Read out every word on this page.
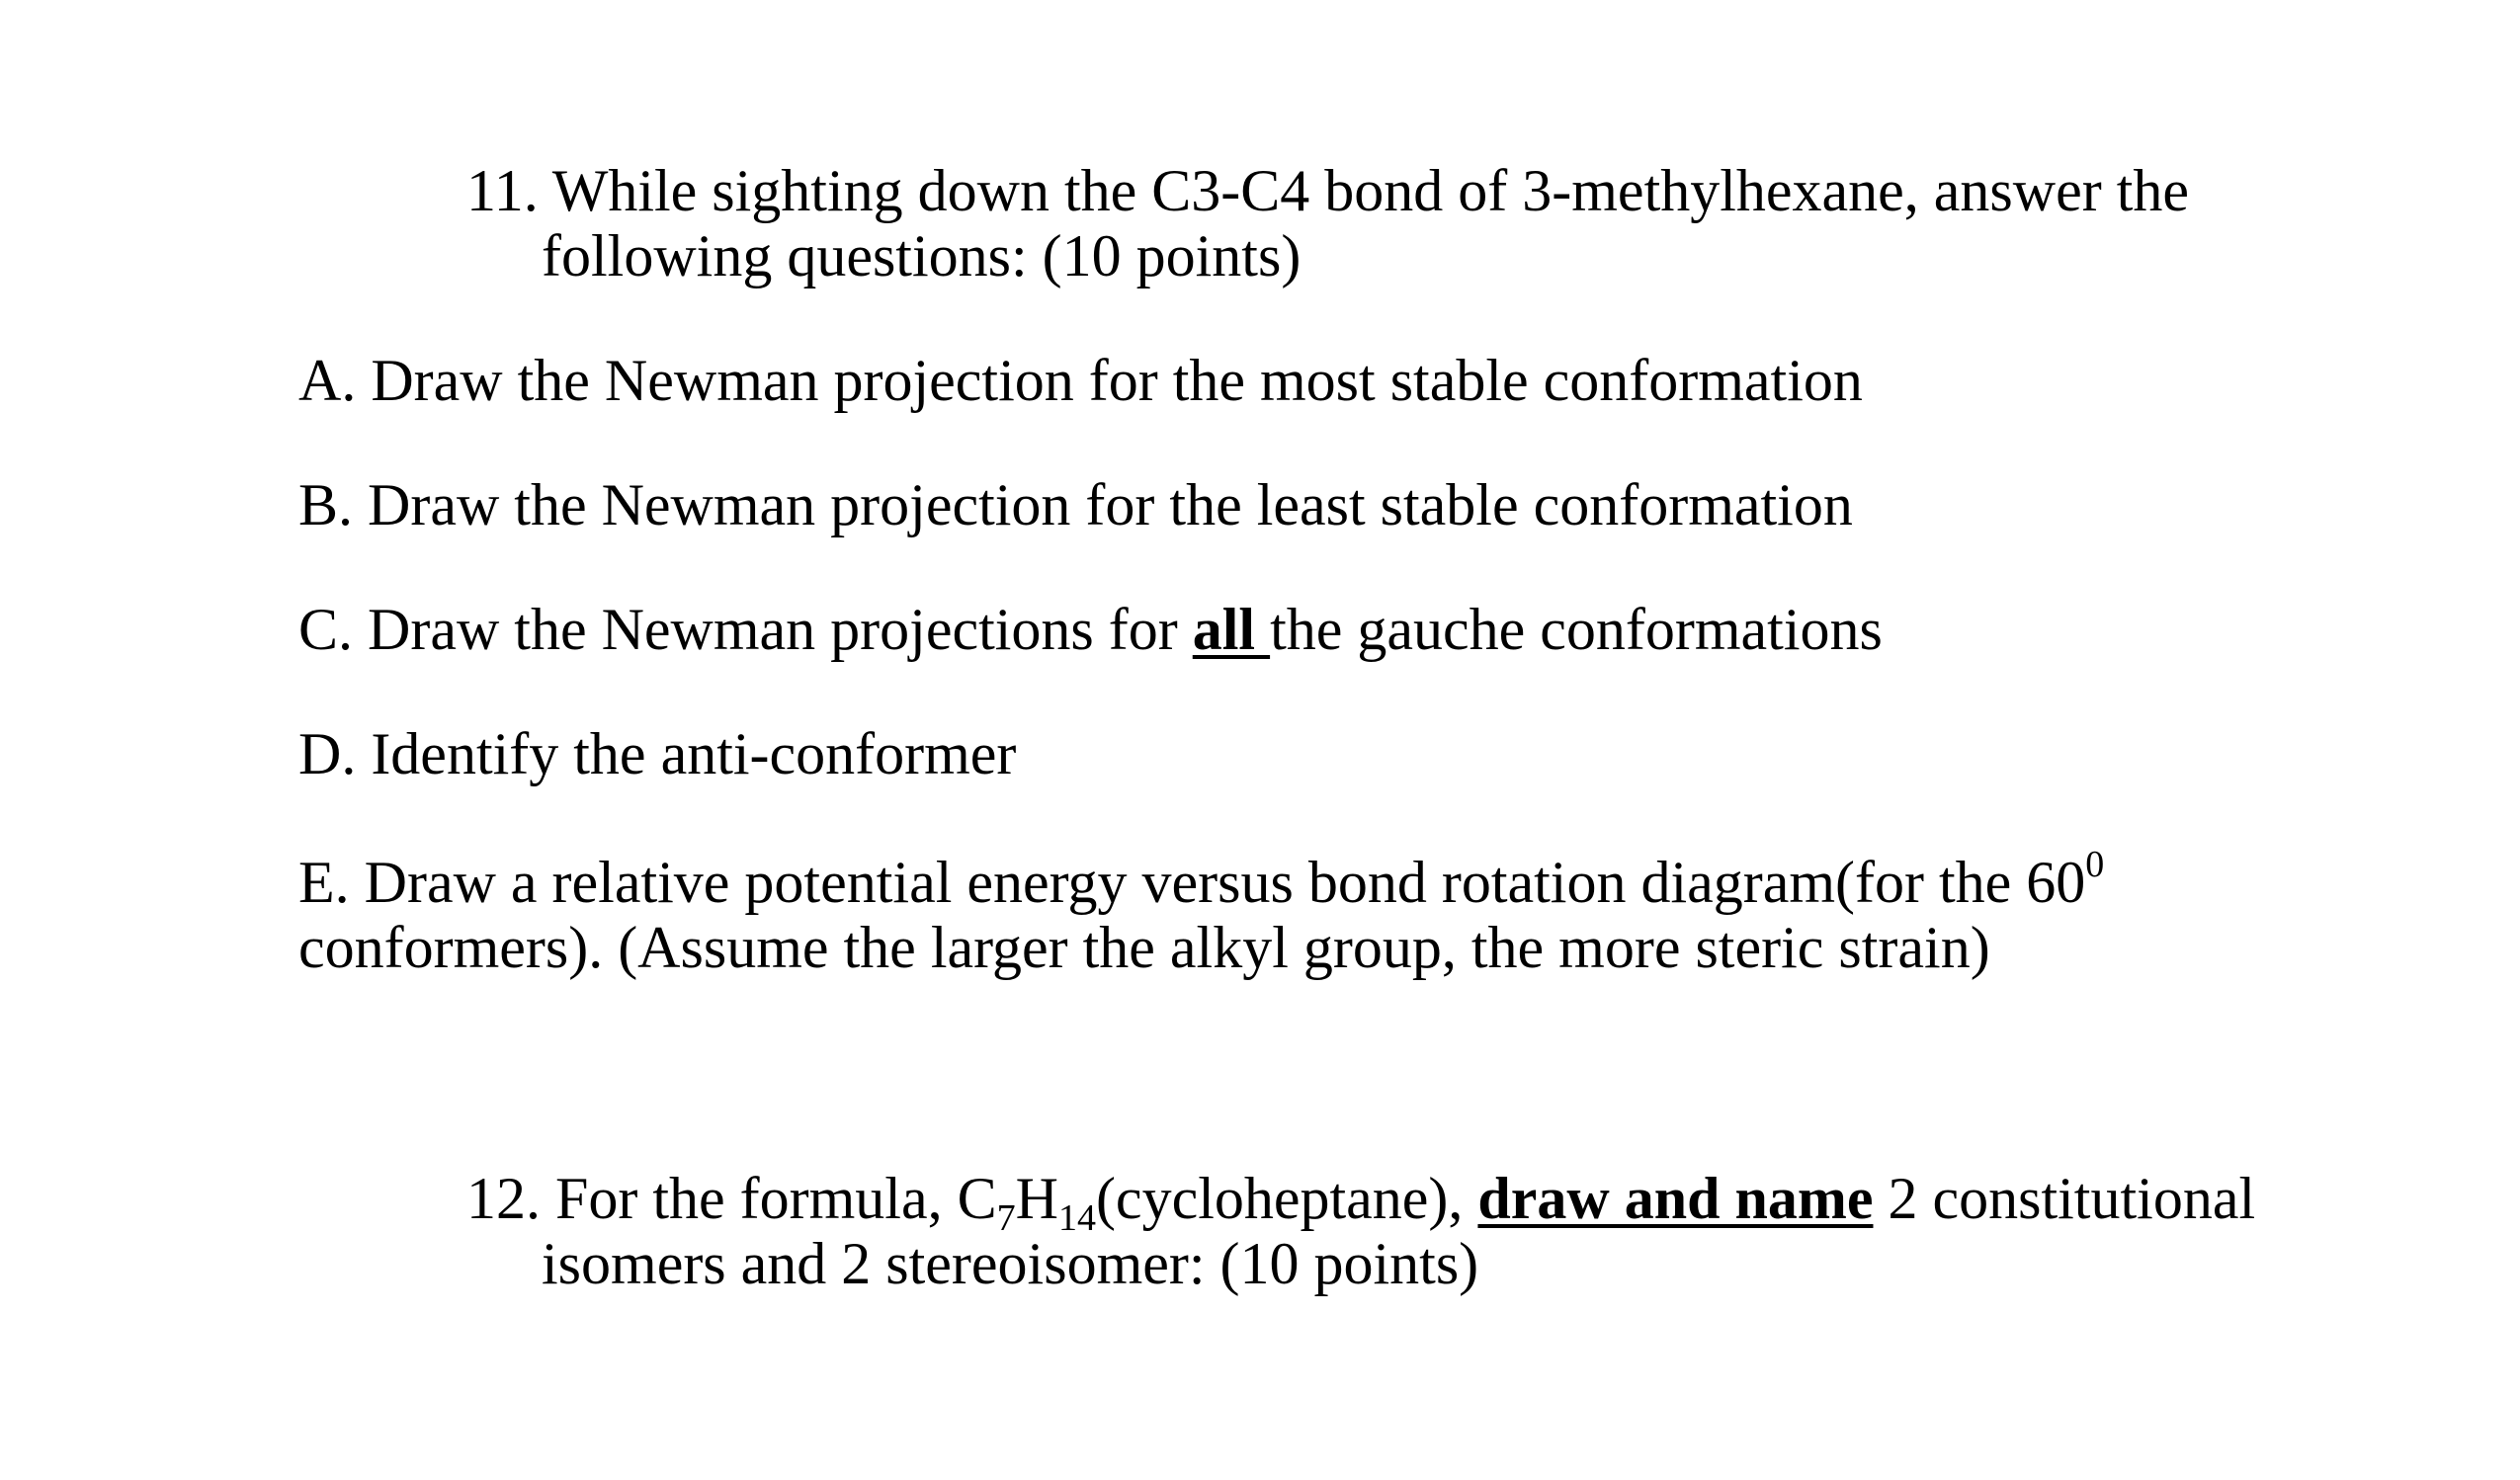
11. While sighting down the C3-C4 bond of 3-methylhexane, answer the
following questions: (10 points)
A. Draw the Newman projection for the most stable conformation
B. Draw the Newman projection for the least stable conformation
C. Draw the Newman projections for all the gauche conformations
D. Identify the anti-conformer
E. Draw a relative potential energy versus bond rotation diagram(for the $60^0$
conformers). (Assume the larger the alkyl group, the more steric strain)
12. For the formula, $C_7H_{14}(cycloheptane)$, draw and name 2 constitutional
isomers and 2 stereoisomer: (10 points)
